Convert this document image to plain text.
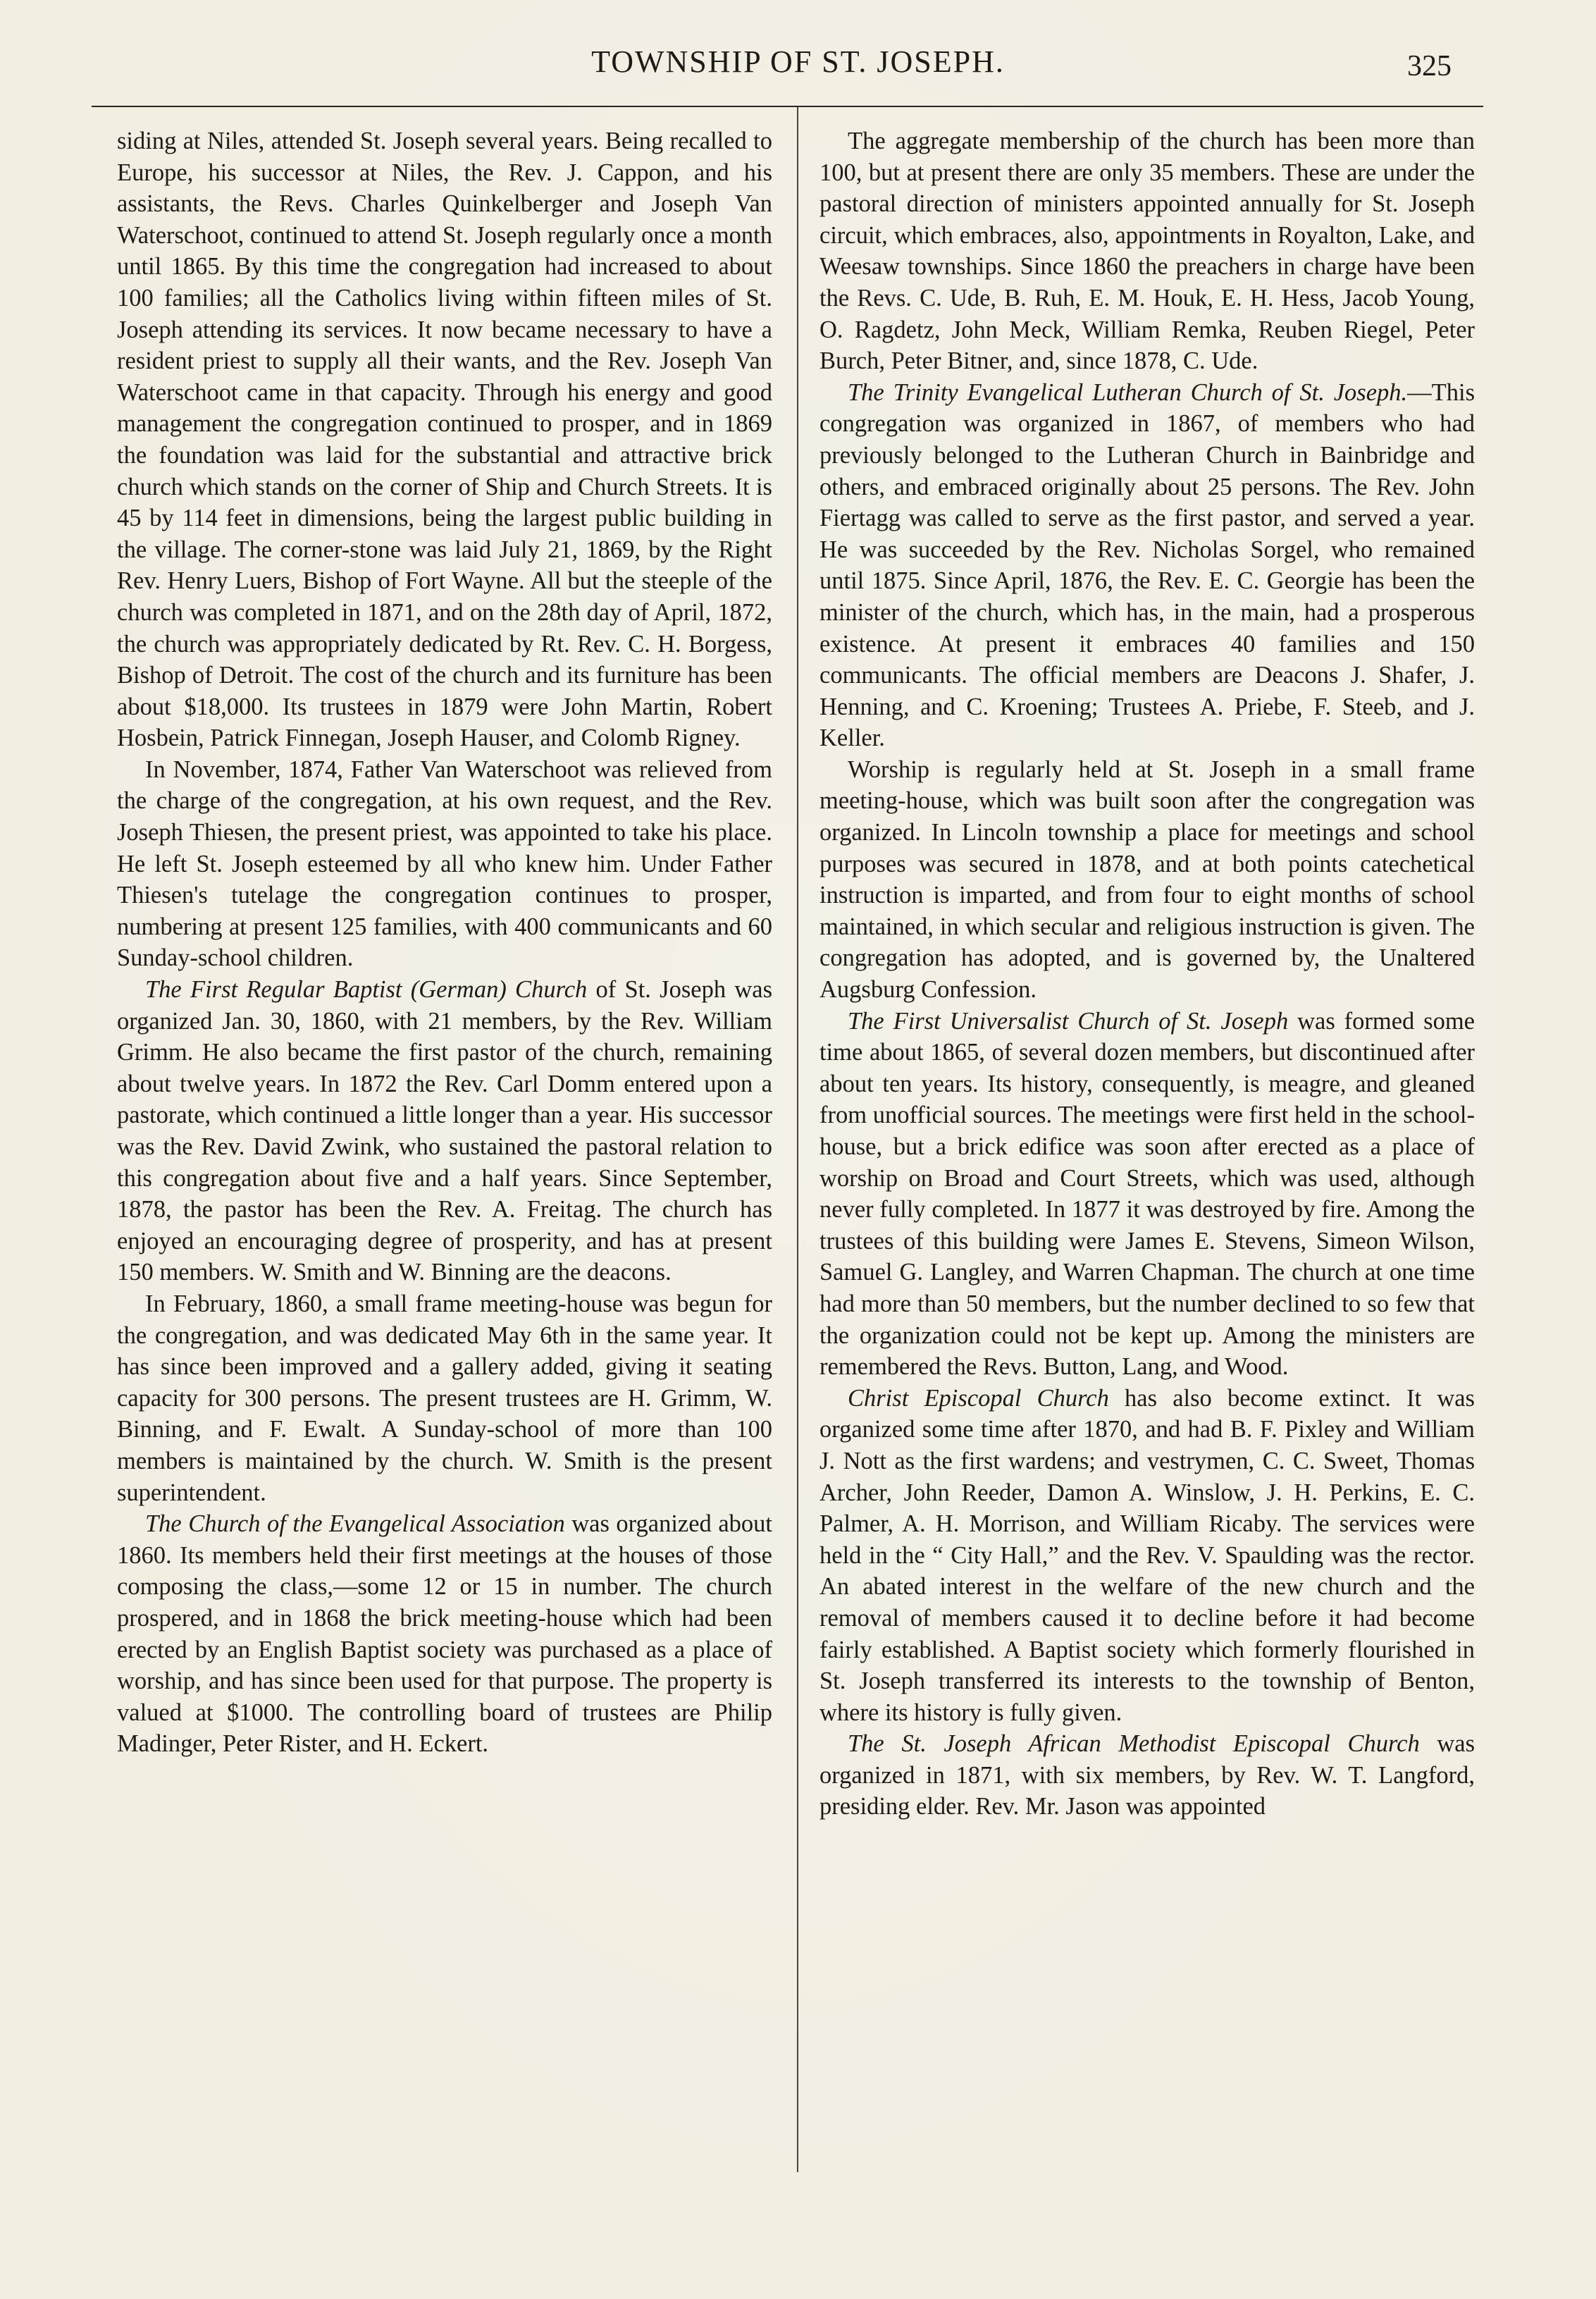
TOWNSHIP OF ST. JOSEPH.	325

siding at Niles, attended St. Joseph several years. Being recalled to Europe, his successor at Niles, the Rev. J. Cappon, and his assistants, the Revs. Charles Quinkelberger and Joseph Van Waterschoot, continued to attend St. Joseph regularly once a month until 1865. By this time the congregation had increased to about 100 families; all the Catholics living within fifteen miles of St. Joseph attending its services. It now became necessary to have a resident priest to supply all their wants, and the Rev. Joseph Van Waterschoot came in that capacity. Through his energy and good management the congregation continued to prosper, and in 1869 the foundation was laid for the substantial and attractive brick church which stands on the corner of Ship and Church Streets. It is 45 by 114 feet in dimensions, being the largest public building in the village. The corner-stone was laid July 21, 1869, by the Right Rev. Henry Luers, Bishop of Fort Wayne. All but the steeple of the church was completed in 1871, and on the 28th day of April, 1872, the church was appropriately dedicated by Rt. Rev. C. H. Borgess, Bishop of Detroit. The cost of the church and its furniture has been about $18,000. Its trustees in 1879 were John Martin, Robert Hosbein, Patrick Finnegan, Joseph Hauser, and Colomb Rigney.

In November, 1874, Father Van Waterschoot was relieved from the charge of the congregation, at his own request, and the Rev. Joseph Thiesen, the present priest, was appointed to take his place. He left St. Joseph esteemed by all who knew him. Under Father Thiesen's tutelage the congregation continues to prosper, numbering at present 125 families, with 400 communicants and 60 Sunday-school children.

The First Regular Baptist (German) Church of St. Joseph was organized Jan. 30, 1860, with 21 members, by the Rev. William Grimm. He also became the first pastor of the church, remaining about twelve years. In 1872 the Rev. Carl Domm entered upon a pastorate, which continued a little longer than a year. His successor was the Rev. David Zwink, who sustained the pastoral relation to this congregation about five and a half years. Since September, 1878, the pastor has been the Rev. A. Freitag. The church has enjoyed an encouraging degree of prosperity, and has at present 150 members. W. Smith and W. Binning are the deacons.

In February, 1860, a small frame meeting-house was begun for the congregation, and was dedicated May 6th in the same year. It has since been improved and a gallery added, giving it seating capacity for 300 persons. The present trustees are H. Grimm, W. Binning, and F. Ewalt. A Sunday-school of more than 100 members is maintained by the church. W. Smith is the present superintendent.

The Church of the Evangelical Association was organized about 1860. Its members held their first meetings at the houses of those composing the class,—some 12 or 15 in number. The church prospered, and in 1868 the brick meeting-house which had been erected by an English Baptist society was purchased as a place of worship, and has since been used for that purpose. The property is valued at $1000. The controlling board of trustees are Philip Madinger, Peter Rister, and H. Eckert.

The aggregate membership of the church has been more than 100, but at present there are only 35 members. These are under the pastoral direction of ministers appointed annually for St. Joseph circuit, which embraces, also, appointments in Royalton, Lake, and Weesaw townships. Since 1860 the preachers in charge have been the Revs. C. Ude, B. Ruh, E. M. Houk, E. H. Hess, Jacob Young, O. Ragdetz, John Meck, William Remka, Reuben Riegel, Peter Burch, Peter Bitner, and, since 1878, C. Ude.

The Trinity Evangelical Lutheran Church of St. Joseph.—This congregation was organized in 1867, of members who had previously belonged to the Lutheran Church in Bainbridge and others, and embraced originally about 25 persons. The Rev. John Fiertagg was called to serve as the first pastor, and served a year. He was succeeded by the Rev. Nicholas Sorgel, who remained until 1875. Since April, 1876, the Rev. E. C. Georgie has been the minister of the church, which has, in the main, had a prosperous existence. At present it embraces 40 families and 150 communicants. The official members are Deacons J. Shafer, J. Henning, and C. Kroening; Trustees A. Priebe, F. Steeb, and J. Keller.

Worship is regularly held at St. Joseph in a small frame meeting-house, which was built soon after the congregation was organized. In Lincoln township a place for meetings and school purposes was secured in 1878, and at both points catechetical instruction is imparted, and from four to eight months of school maintained, in which secular and religious instruction is given. The congregation has adopted, and is governed by, the Unaltered Augsburg Confession.

The First Universalist Church of St. Joseph was formed some time about 1865, of several dozen members, but discontinued after about ten years. Its history, consequently, is meagre, and gleaned from unofficial sources. The meetings were first held in the school-house, but a brick edifice was soon after erected as a place of worship on Broad and Court Streets, which was used, although never fully completed. In 1877 it was destroyed by fire. Among the trustees of this building were James E. Stevens, Simeon Wilson, Samuel G. Langley, and Warren Chapman. The church at one time had more than 50 members, but the number declined to so few that the organization could not be kept up. Among the ministers are remembered the Revs. Button, Lang, and Wood.

Christ Episcopal Church has also become extinct. It was organized some time after 1870, and had B. F. Pixley and William J. Nott as the first wardens; and vestrymen, C. C. Sweet, Thomas Archer, John Reeder, Damon A. Winslow, J. H. Perkins, E. C. Palmer, A. H. Morrison, and William Ricaby. The services were held in the “ City Hall,” and the Rev. V. Spaulding was the rector. An abated interest in the welfare of the new church and the removal of members caused it to decline before it had become fairly established. A Baptist society which formerly flourished in St. Joseph transferred its interests to the township of Benton, where its history is fully given.

The St. Joseph African Methodist Episcopal Church was organized in 1871, with six members, by Rev. W. T. Langford, presiding elder. Rev. Mr. Jason was appointed
